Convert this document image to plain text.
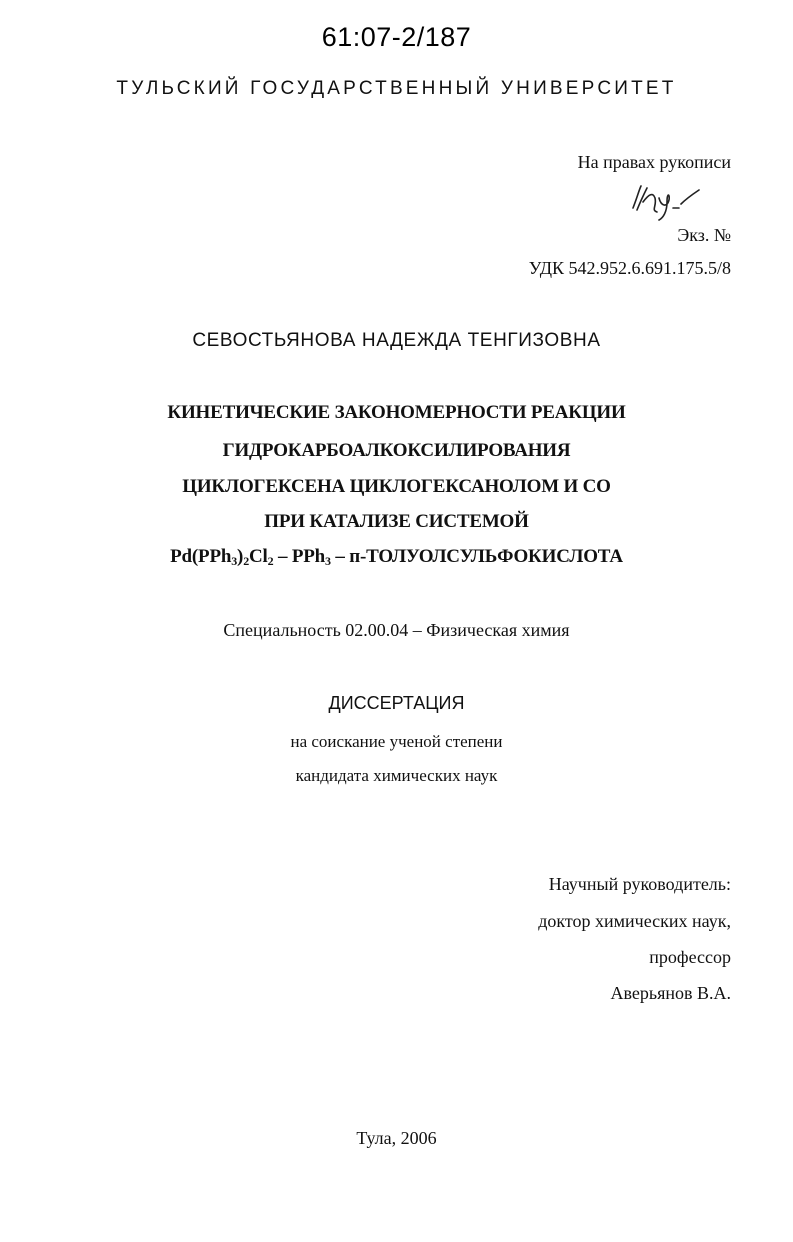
61:07-2/187
ТУЛЬСКИЙ ГОСУДАРСТВЕННЫЙ УНИВЕРСИТЕТ
На правах рукописи
Экз. №
УДК 542.952.6.691.175.5/8
СЕВОСТЬЯНОВА НАДЕЖДА ТЕНГИЗОВНА
КИНЕТИЧЕСКИЕ ЗАКОНОМЕРНОСТИ РЕАКЦИИ
ГИДРОКАРБОАЛКОКСИЛИРОВАНИЯ
ЦИКЛОГЕКСЕНА ЦИКЛОГЕКСАНОЛОМ И СО
ПРИ КАТАЛИЗЕ СИСТЕМОЙ
$Pd(PPh_3)_2Cl_2 - PPh_3$ – п-ТОЛУОЛСУЛЬФОКИСЛОТА
Специальность 02.00.04 – Физическая химия
ДИССЕРТАЦИЯ
на соискание ученой степени
кандидата химических наук
Научный руководитель:
доктор химических наук,
профессор
Аверьянов В.А.
Тула, 2006
